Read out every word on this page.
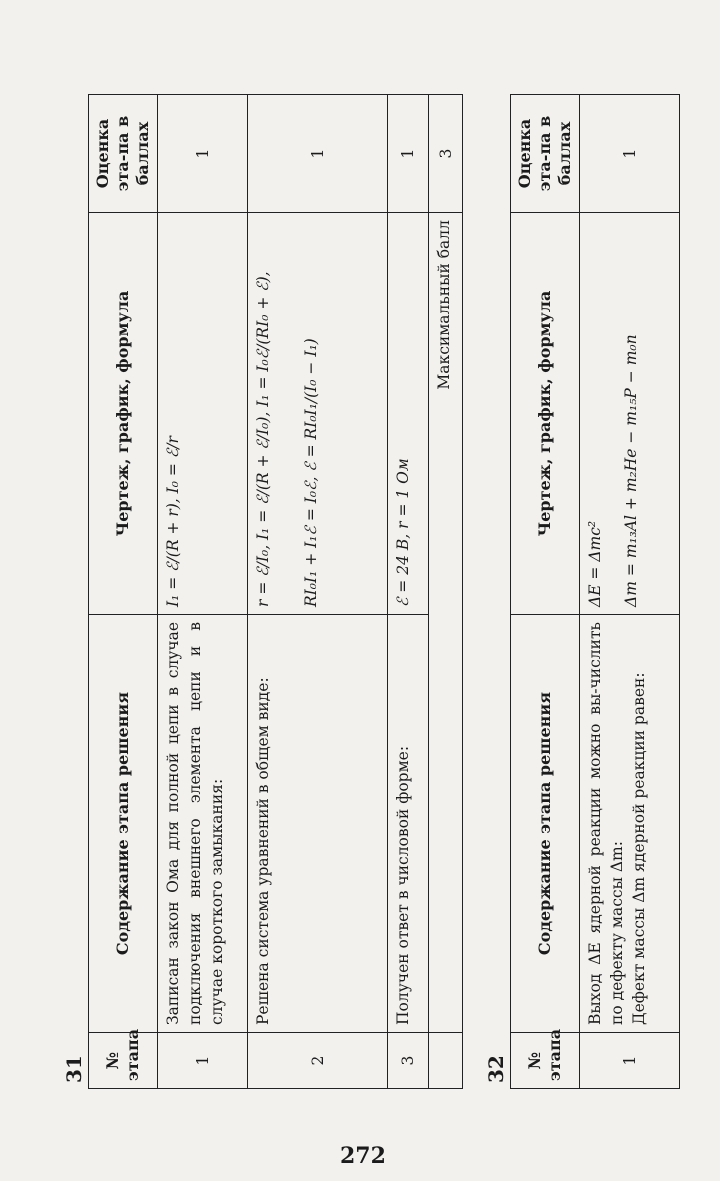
31 № этапа	Содержание этапа решения	Чертеж, график, формула	Оценка эта-па в баллах
1	Записан закон Ома для полной цепи в случае подключения внешнего элемента цепи и в случае короткого замыкания:	I₁ = ℰ/(R + r), I₀ = ℰ/r	1
2	Решена система уравнений в общем виде:	r = ℰ/I₀, I₁ = ℰ/(R + ℰ/I₀), I₁ = I₀ℰ/(RI₀ + ℰ), RI₀I₁ + I₁ℰ = I₀ℰ, ℰ = RI₀I₁/(I₀ − I₁)	1
3	Получен ответ в числовой форме:	ℰ = 24 В, r = 1 Ом	1
	Максимальный балл		3
272
32 № этапа	Содержание этапа решения	Чертеж, график, формула	Оценка эта-па в баллах
1	Выход ΔE ядерной реакции можно вы-числить по дефекту массы Δm: Дефект массы Δm ядерной реакции равен:	ΔE = Δmc² Δm = m₁₃Al + m₂He − m₁₅P − m₀n	1
